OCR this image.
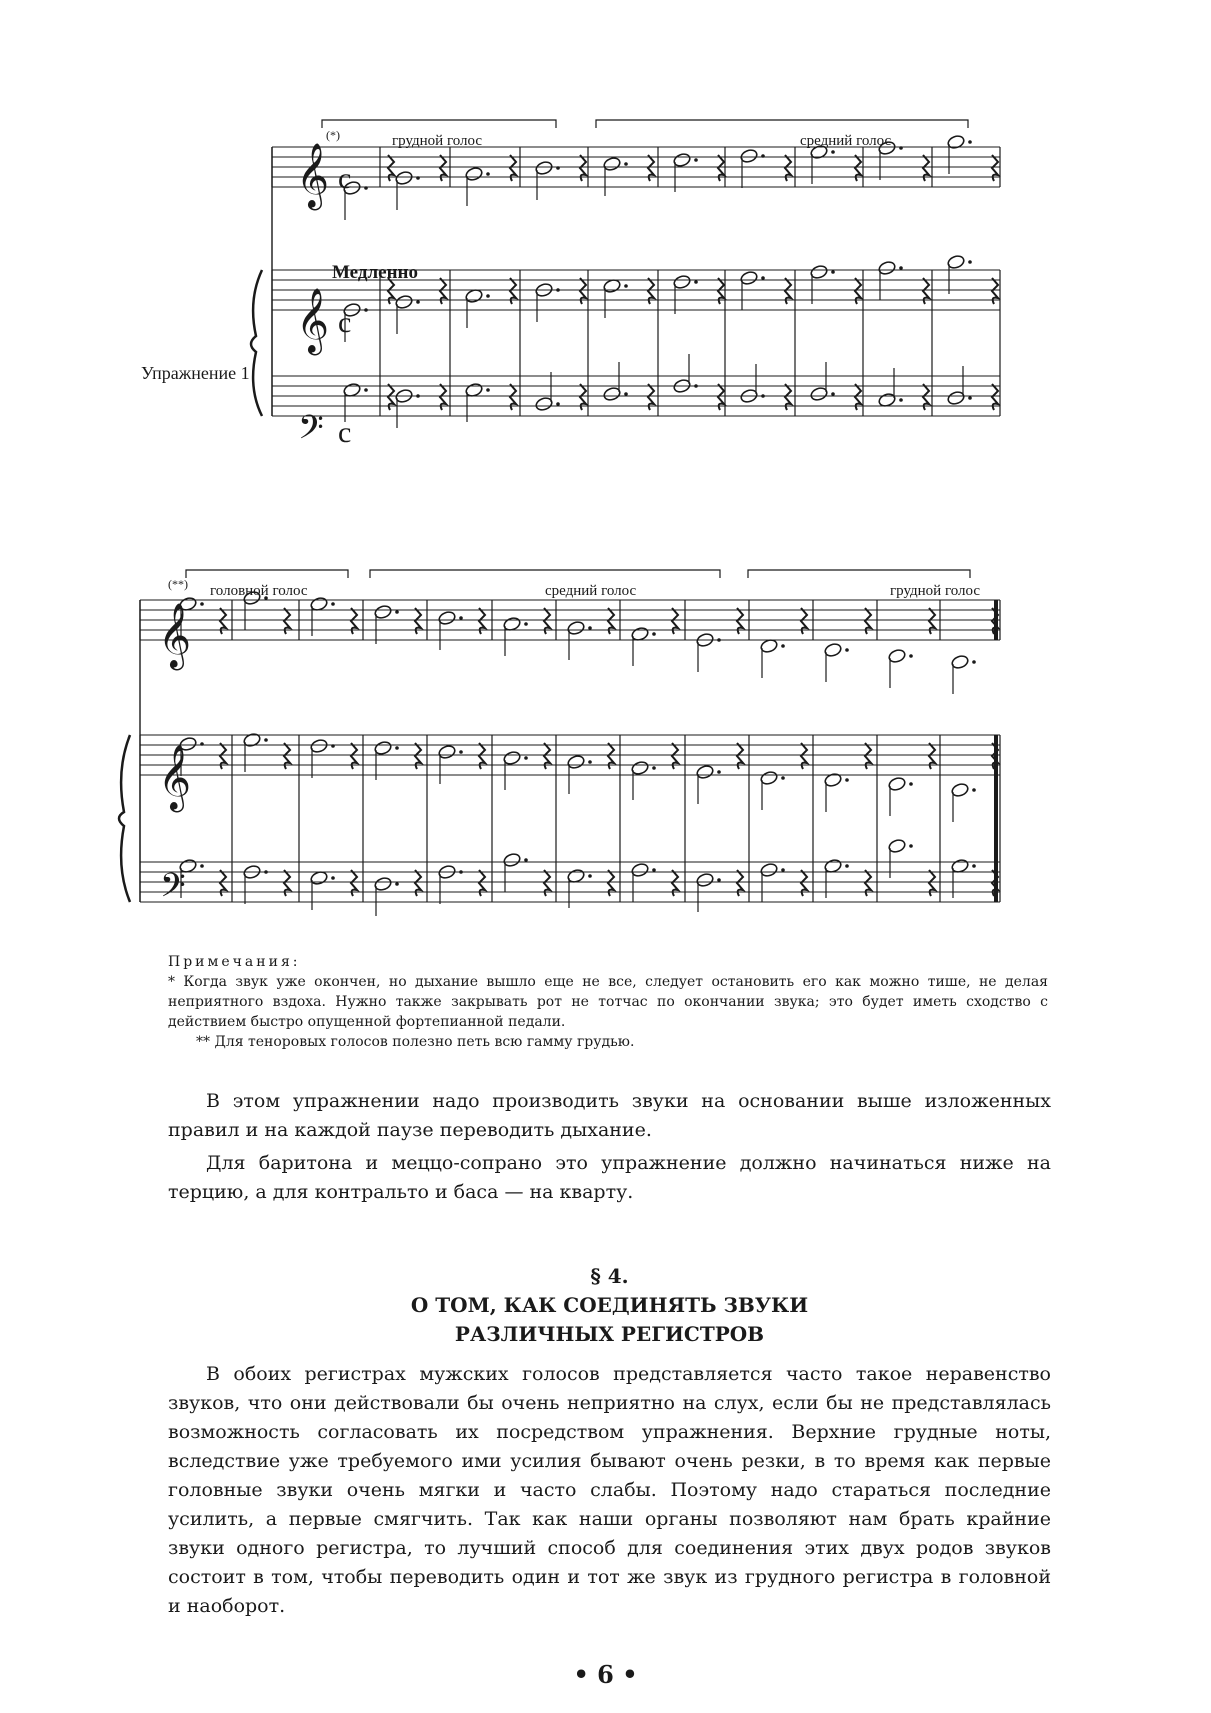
(*)	грудной голос	средний голос
Медленно
Упражнение 1
(**) головной голос	средний голос	грудной голос
𝄞 c
𝄞 c
𝄢 c
𝄞
𝄞
𝄢
Примечания:

* Когда звук уже окончен, но дыхание вышло еще не все, следует остановить его как можно тише, не делая неприятного вздоха. Нужно также закрывать рот не тотчас по окончании звука; это будет иметь сходство с действием быстро опущенной фортепианной педали.

** Для теноровых голосов полезно петь всю гамму грудью.

В этом упражнении надо производить звуки на основании выше изложенных правил и на каждой паузе переводить дыхание.

Для баритона и меццо-сопрано это упражнение должно начинаться ниже на терцию, а для контральто и баса — на кварту.

§ 4.
О ТОМ, КАК СОЕДИНЯТЬ ЗВУКИ
РАЗЛИЧНЫХ РЕГИСТРОВ

В обоих регистрах мужских голосов представляется часто такое неравенство звуков, что они действовали бы очень неприятно на слух, если бы не представлялась возможность согласовать их посредством упражнения. Верхние грудные ноты, вследствие уже требуемого ими усилия бывают очень резки, в то время как первые головные звуки очень мягки и часто слабы. Поэтому надо стараться последние усилить, а первые смягчить. Так как наши органы позволяют нам брать крайние звуки одного регистра, то лучший способ для соединения этих двух родов звуков состоит в том, чтобы переводить один и тот же звук из грудного регистра в головной и наоборот.

• 6 •
